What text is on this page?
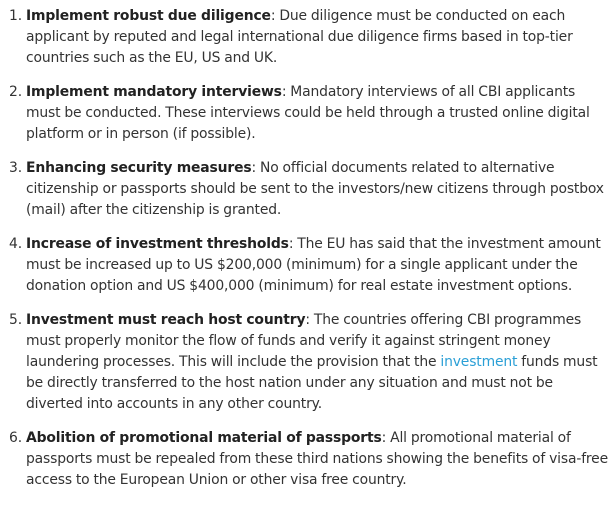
1. Implement robust due diligence: Due diligence must be conducted on each applicant by reputed and legal international due diligence firms based in top-tier countries such as the EU, US and UK.
2. Implement mandatory interviews: Mandatory interviews of all CBI applicants must be conducted. These interviews could be held through a trusted online digital platform or in person (if possible).
3. Enhancing security measures: No official documents related to alternative citizenship or passports should be sent to the investors/new citizens through postbox (mail) after the citizenship is granted.
4. Increase of investment thresholds: The EU has said that the investment amount must be increased up to US $200,000 (minimum) for a single applicant under the donation option and US $400,000 (minimum) for real estate investment options.
5. Investment must reach host country: The countries offering CBI programmes must properly monitor the flow of funds and verify it against stringent money laundering processes. This will include the provision that the investment funds must be directly transferred to the host nation under any situation and must not be diverted into accounts in any other country.
6. Abolition of promotional material of passports: All promotional material of passports must be repealed from these third nations showing the benefits of visa-free access to the European Union or other visa free country.
